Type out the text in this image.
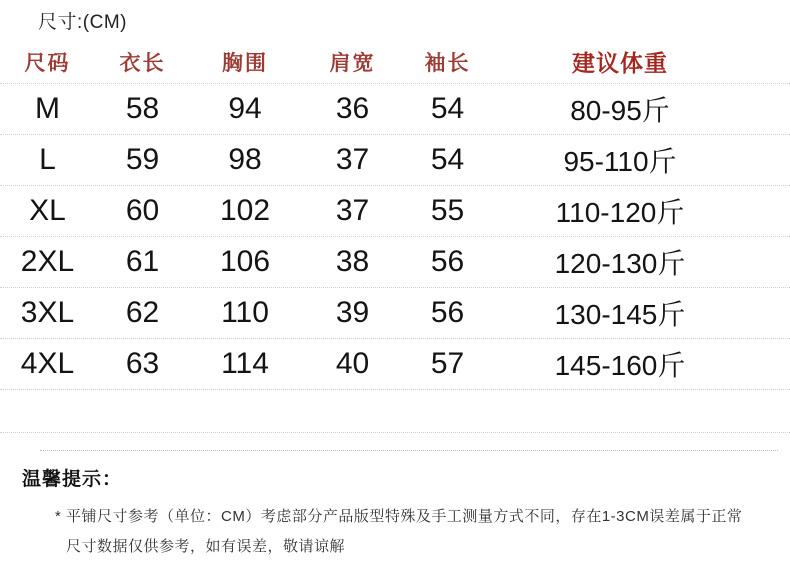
尺寸:(CM)
尺码	衣长	胸围	肩宽	袖长	建议体重
M	58	94	36	54	80-95斤
L	59	98	37	54	95-110斤
XL	60	102	37	55	110-120斤
2XL	61	106	38	56	120-130斤
3XL	62	110	39	56	130-145斤
4XL	63	114	40	57	145-160斤
温馨提示：
* 平铺尺寸参考（单位：CM）考虑部分产品版型特殊及手工测量方式不同，存在1-3CM误差属于正常
尺寸数据仅供参考，如有误差，敬请谅解
